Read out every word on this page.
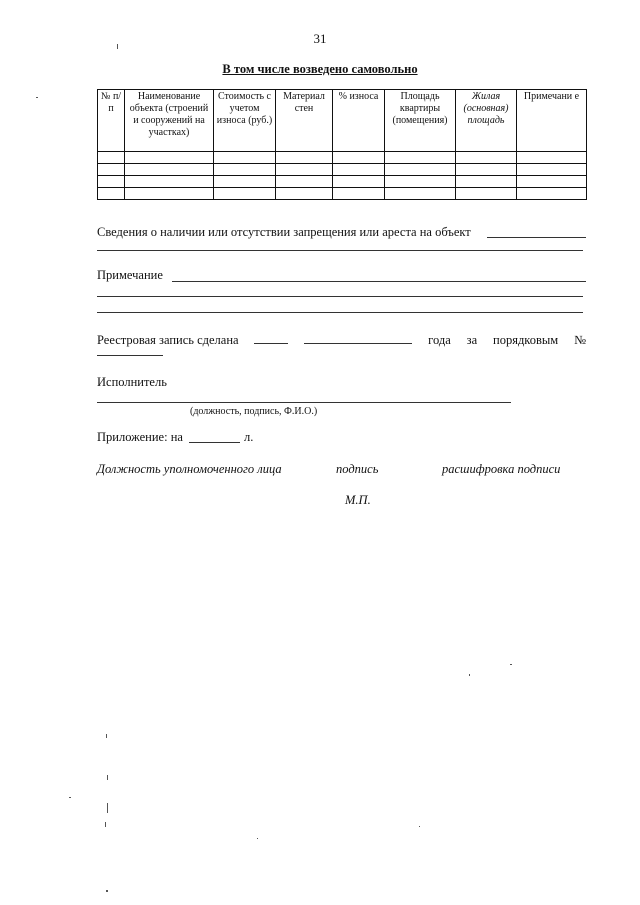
31
В том числе возведено самовольно
№ п/ п	Наименование объекта (строений и сооружений на участках)	Стоимость с учетом износа (руб.)	Материал стен	% износа	Площадь квартиры (помещения)	Жилая (основная) площадь	Примечани е

Сведения о наличии или отсутствии запрещения или ареста на объект
Примечание
Реестровая запись сделана	года за порядковым №
Исполнитель
(должность, подпись, Ф.И.О.)
Приложение: на	л.
Должность уполномоченного лица	подпись	расшифровка подписи
М.П.
